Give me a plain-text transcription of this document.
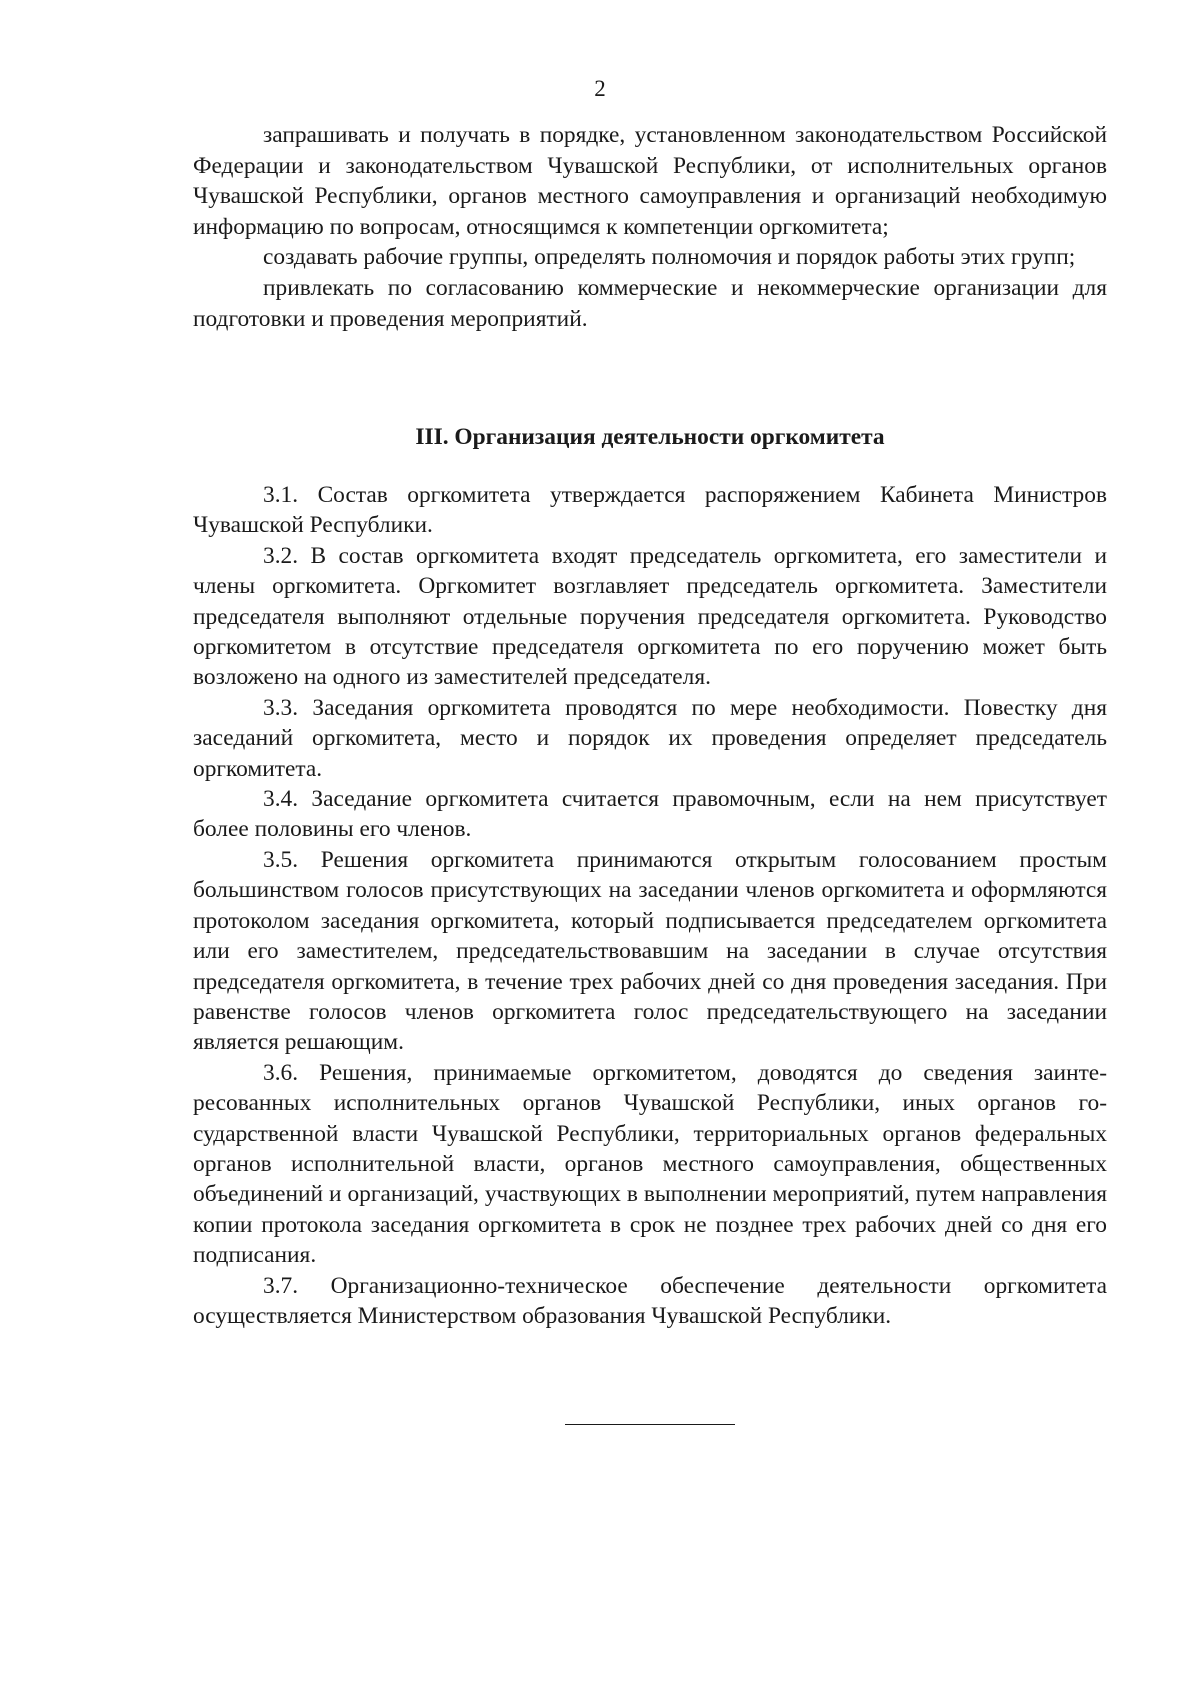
2

запрашивать и получать в порядке, установленном законодательством Российской Федерации и законодательством Чувашской Республики, от исполнительных органов Чувашской Республики, органов местного самоуправления и организаций необходимую информацию по вопросам, относящимся к компетенции оргкомитета;

создавать рабочие группы, определять полномочия и порядок работы этих групп;

привлекать по согласованию коммерческие и некоммерческие организации для подготовки и проведения мероприятий.

III. Организация деятельности оргкомитета

3.1. Состав оргкомитета утверждается распоряжением Кабинета Министров Чувашской Республики.

3.2. В состав оргкомитета входят председатель оргкомитета, его заместители и члены оргкомитета. Оргкомитет возглавляет председатель оргкомитета. Заместители председателя выполняют отдельные поручения председателя оргкомитета. Руководство оргкомитетом в отсутствие председателя оргкомитета по его поручению может быть возложено на одного из заместителей председателя.

3.3. Заседания оргкомитета проводятся по мере необходимости. Повестку дня заседаний оргкомитета, место и порядок их проведения определяет председатель оргкомитета.

3.4. Заседание оргкомитета считается правомочным, если на нем присутствует более половины его членов.

3.5. Решения оргкомитета принимаются открытым голосованием простым большинством голосов присутствующих на заседании членов оргкомитета и оформляются протоколом заседания оргкомитета, который подписывается председателем оргкомитета или его заместителем, председательствовавшим на заседании в случае отсутствия председателя оргкомитета, в течение трех рабочих дней со дня проведения заседания. При равенстве голосов членов оргкомитета голос председательствующего на заседании является решающим.

3.6. Решения, принимаемые оргкомитетом, доводятся до сведения заинтересованных исполнительных органов Чувашской Республики, иных органов государственной власти Чувашской Республики, территориальных органов федеральных органов исполнительной власти, органов местного самоуправления, общественных объединений и организаций, участвующих в выполнении мероприятий, путем направления копии протокола заседания оргкомитета в срок не позднее трех рабочих дней со дня его подписания.

3.7. Организационно-техническое обеспечение деятельности оргкомитета осуществляется Министерством образования Чувашской Республики.
